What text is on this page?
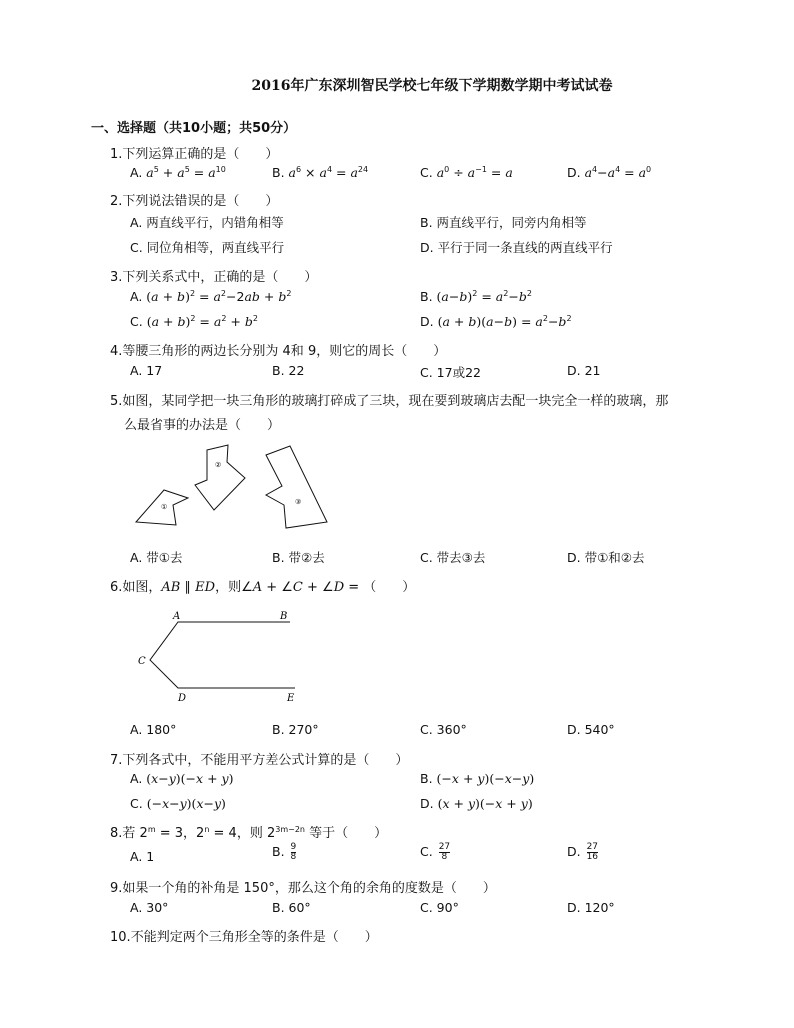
2016年广东深圳智民学校七年级下学期数学期中考试试卷
一、选择题（共10小题；共50分）
1.下列运算正确的是（　　）
A. $a^5 + a^5 = a^{10}$	B. $a^6 \times a^4 = a^{24}$	C. $a^0 \div a^{-1} = a$	D. $a^4-a^4 = a^0$
2.下列说法错误的是（　　）
A. 两直线平行，内错角相等	B. 两直线平行，同旁内角相等
C. 同位角相等，两直线平行	D. 平行于同一条直线的两直线平行
3.下列关系式中，正确的是（　　）
A. $(a + b)^2 = a^2-2ab + b^2$	B. $(a-b)^2 = a^2-b^2$
C. $(a + b)^2 = a^2 + b^2$	D. $(a + b)(a-b) = a^2-b^2$
4.等腰三角形的两边长分别为 4和 9，则它的周长（　　）
A. 17	B. 22	C. 17或22	D. 21
5.如图，某同学把一块三角形的玻璃打碎成了三块，现在要到玻璃店去配一块完全一样的玻璃，那
么最省事的办法是（　　）
①
②
③
A. 带①去	B. 带②去	C. 带去③去	D. 带①和②去
6.如图，AB ∥ ED，则∠A + ∠C + ∠D = （　　）
A	B
C
D	E
A. 180°	B. 270°	C. 360°	D. 540°
7.下列各式中，不能用平方差公式计算的是（　　）
A. (x−y)(−x + y)	B. (−x + y)(−x−y)
C. (−x−y)(x−y)	D. (x + y)(−x + y)
8.若 $2^m = 3$，$2^n = 4$，则 $2^{3m-2n}$ 等于（　　）
A. 1	B. $\frac{9}{8}$	C. $\frac{27}{8}$	D. $\frac{27}{16}$
9.如果一个角的补角是 150°，那么这个角的余角的度数是（　　）
A. 30°	B. 60°	C. 90°	D. 120°
10.不能判定两个三角形全等的条件是（　　）
